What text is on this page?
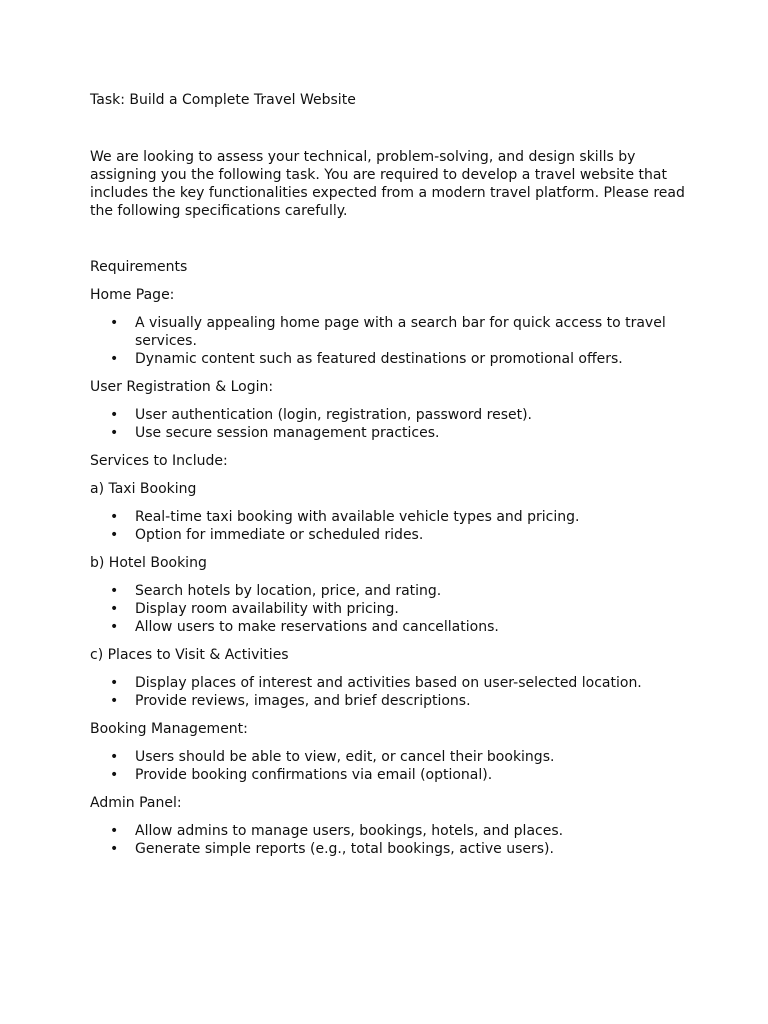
Task: Build a Complete Travel Website

We are looking to assess your technical, problem-solving, and design skills by assigning you the following task. You are required to develop a travel website that includes the key functionalities expected from a modern travel platform. Please read the following specifications carefully.

Requirements

Home Page:

• A visually appealing home page with a search bar for quick access to travel services.
• Dynamic content such as featured destinations or promotional offers.

User Registration & Login:

• User authentication (login, registration, password reset).
• Use secure session management practices.

Services to Include:

a) Taxi Booking

• Real-time taxi booking with available vehicle types and pricing.
• Option for immediate or scheduled rides.

b) Hotel Booking

• Search hotels by location, price, and rating.
• Display room availability with pricing.
• Allow users to make reservations and cancellations.

c) Places to Visit & Activities

• Display places of interest and activities based on user-selected location.
• Provide reviews, images, and brief descriptions.

Booking Management:

• Users should be able to view, edit, or cancel their bookings.
• Provide booking confirmations via email (optional).

Admin Panel:

• Allow admins to manage users, bookings, hotels, and places.
• Generate simple reports (e.g., total bookings, active users).
